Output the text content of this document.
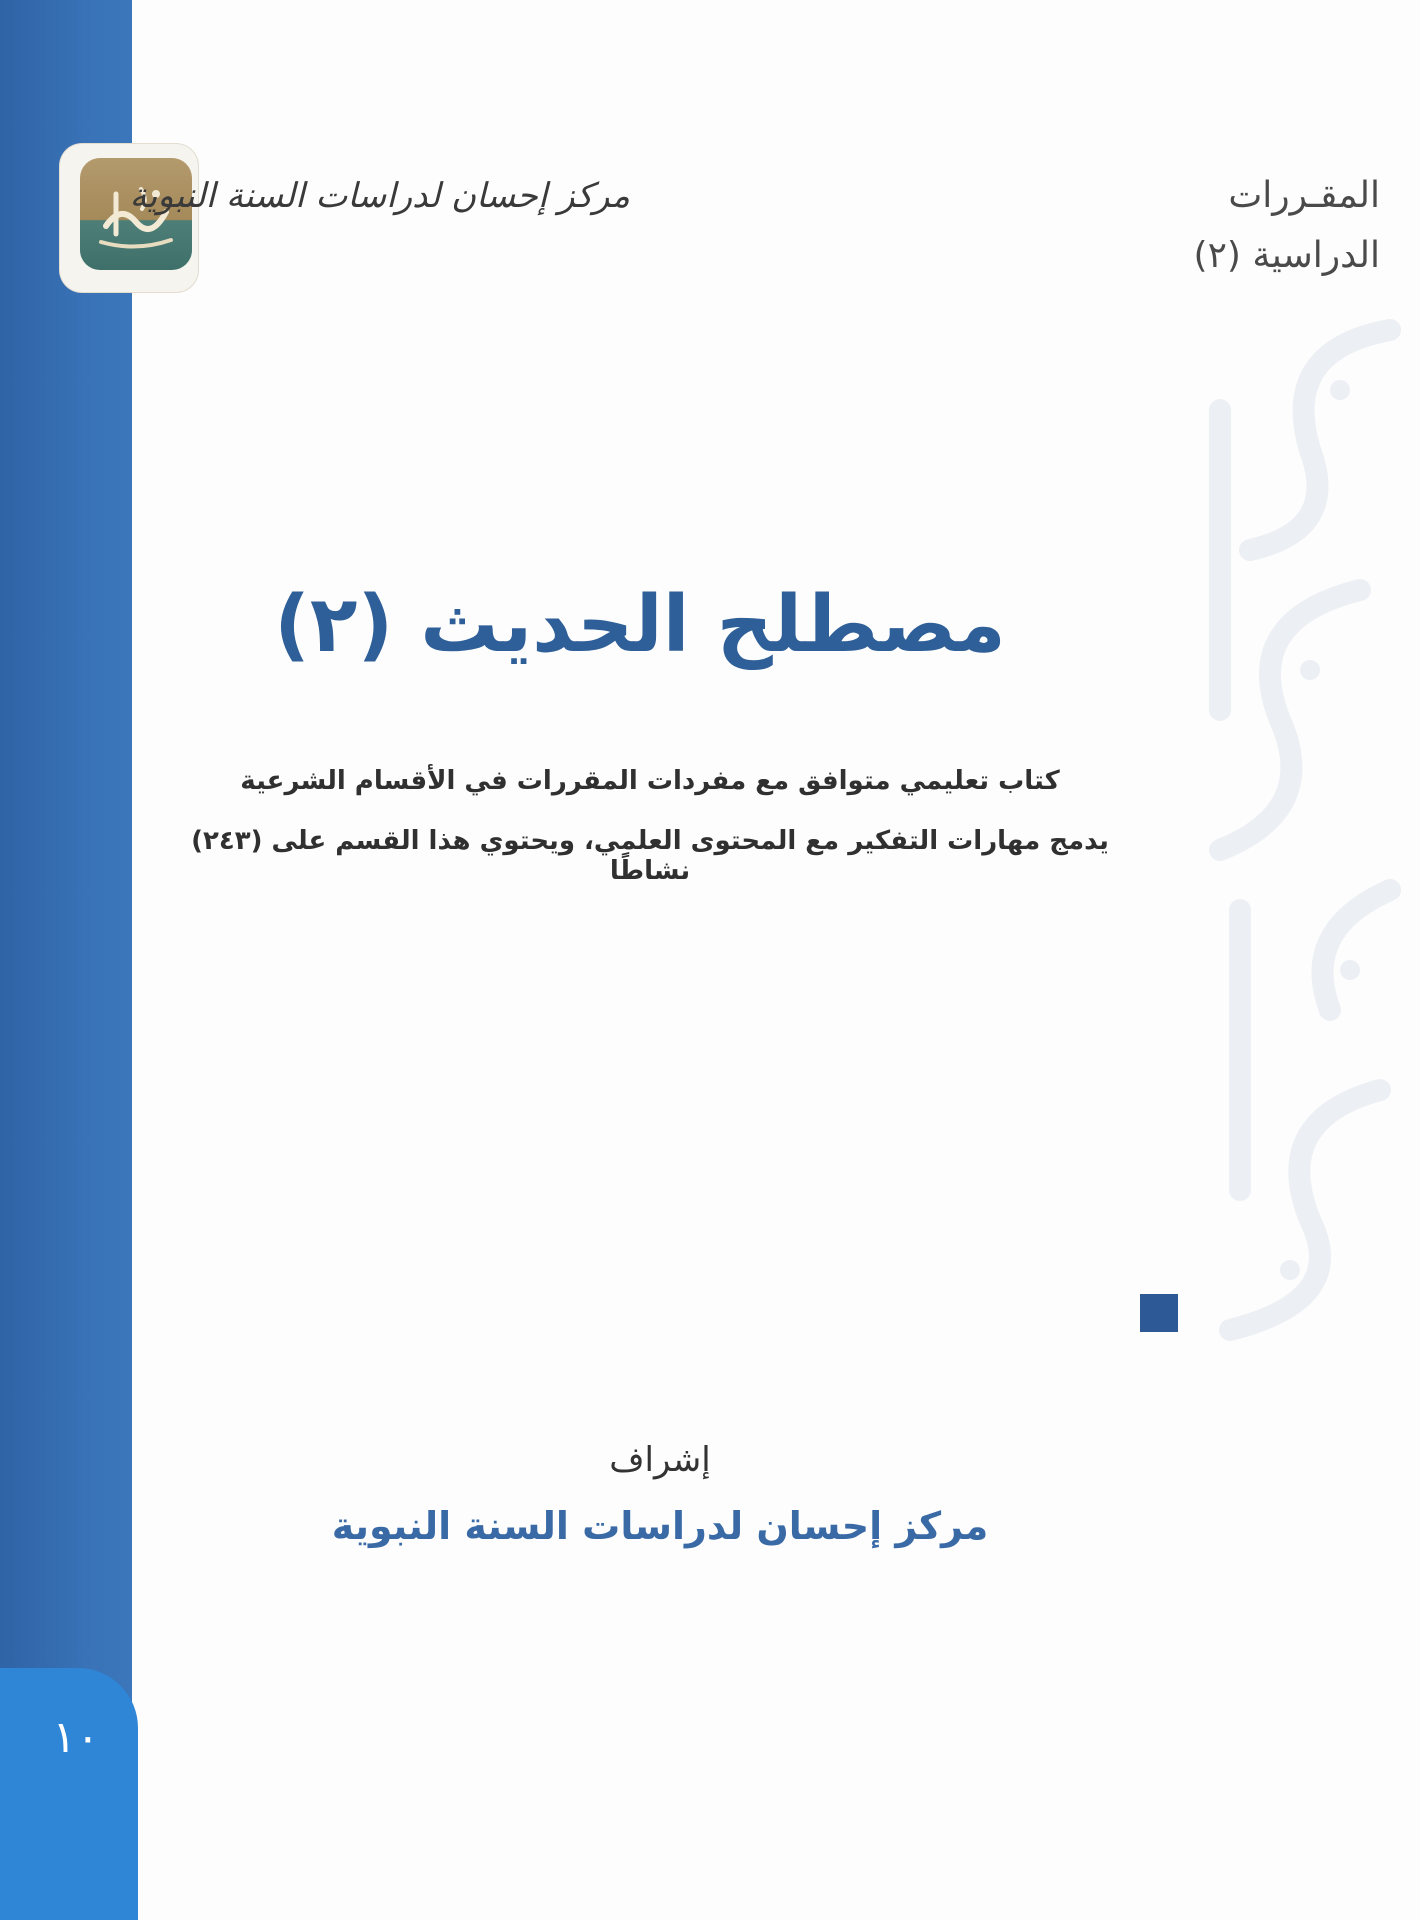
١٠
مركز إحسان لدراسات السنة النبوية	المقـررات
الدراسية (٢)
مصطلح الحديث (٢)
كتاب تعليمي متوافق مع مفردات المقررات في الأقسام الشرعية
يدمج مهارات التفكير مع المحتوى العلمي، ويحتوي هذا القسم على (٢٤٣) نشاطًا
إشراف
مركز إحسان لدراسات السنة النبوية
